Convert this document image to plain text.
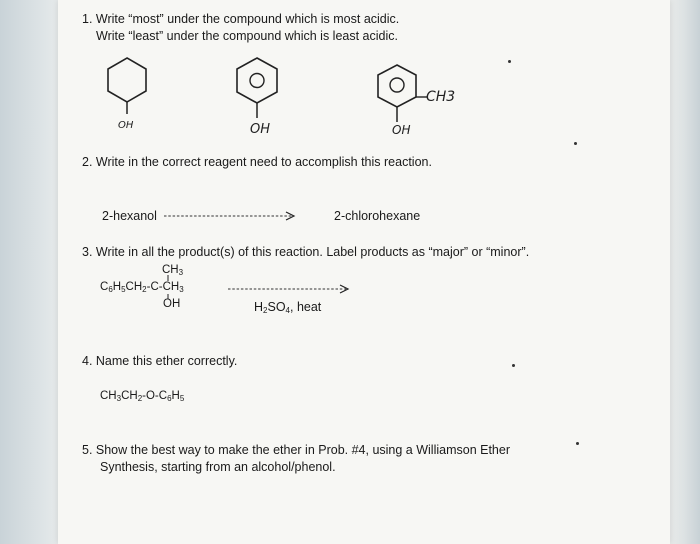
1. Write “most” under the compound which is most acidic.
Write “least” under the compound which is least acidic.
OH	OH
CH3
OH
2. Write in the correct reagent need to accomplish this reaction.
2-hexanol	2-chlorohexane
3. Write in all the product(s) of this reaction. Label products as “major” or “minor”.
$CH_3$
$C_6H_5CH_2-C-CH_3$
OH	$H_2SO_4$, heat
4. Name this ether correctly.
$CH_3CH_2-O-C_6H_5$
5. Show the best way to make the ether in Prob. #4, using a Williamson Ether
Synthesis, starting from an alcohol/phenol.
